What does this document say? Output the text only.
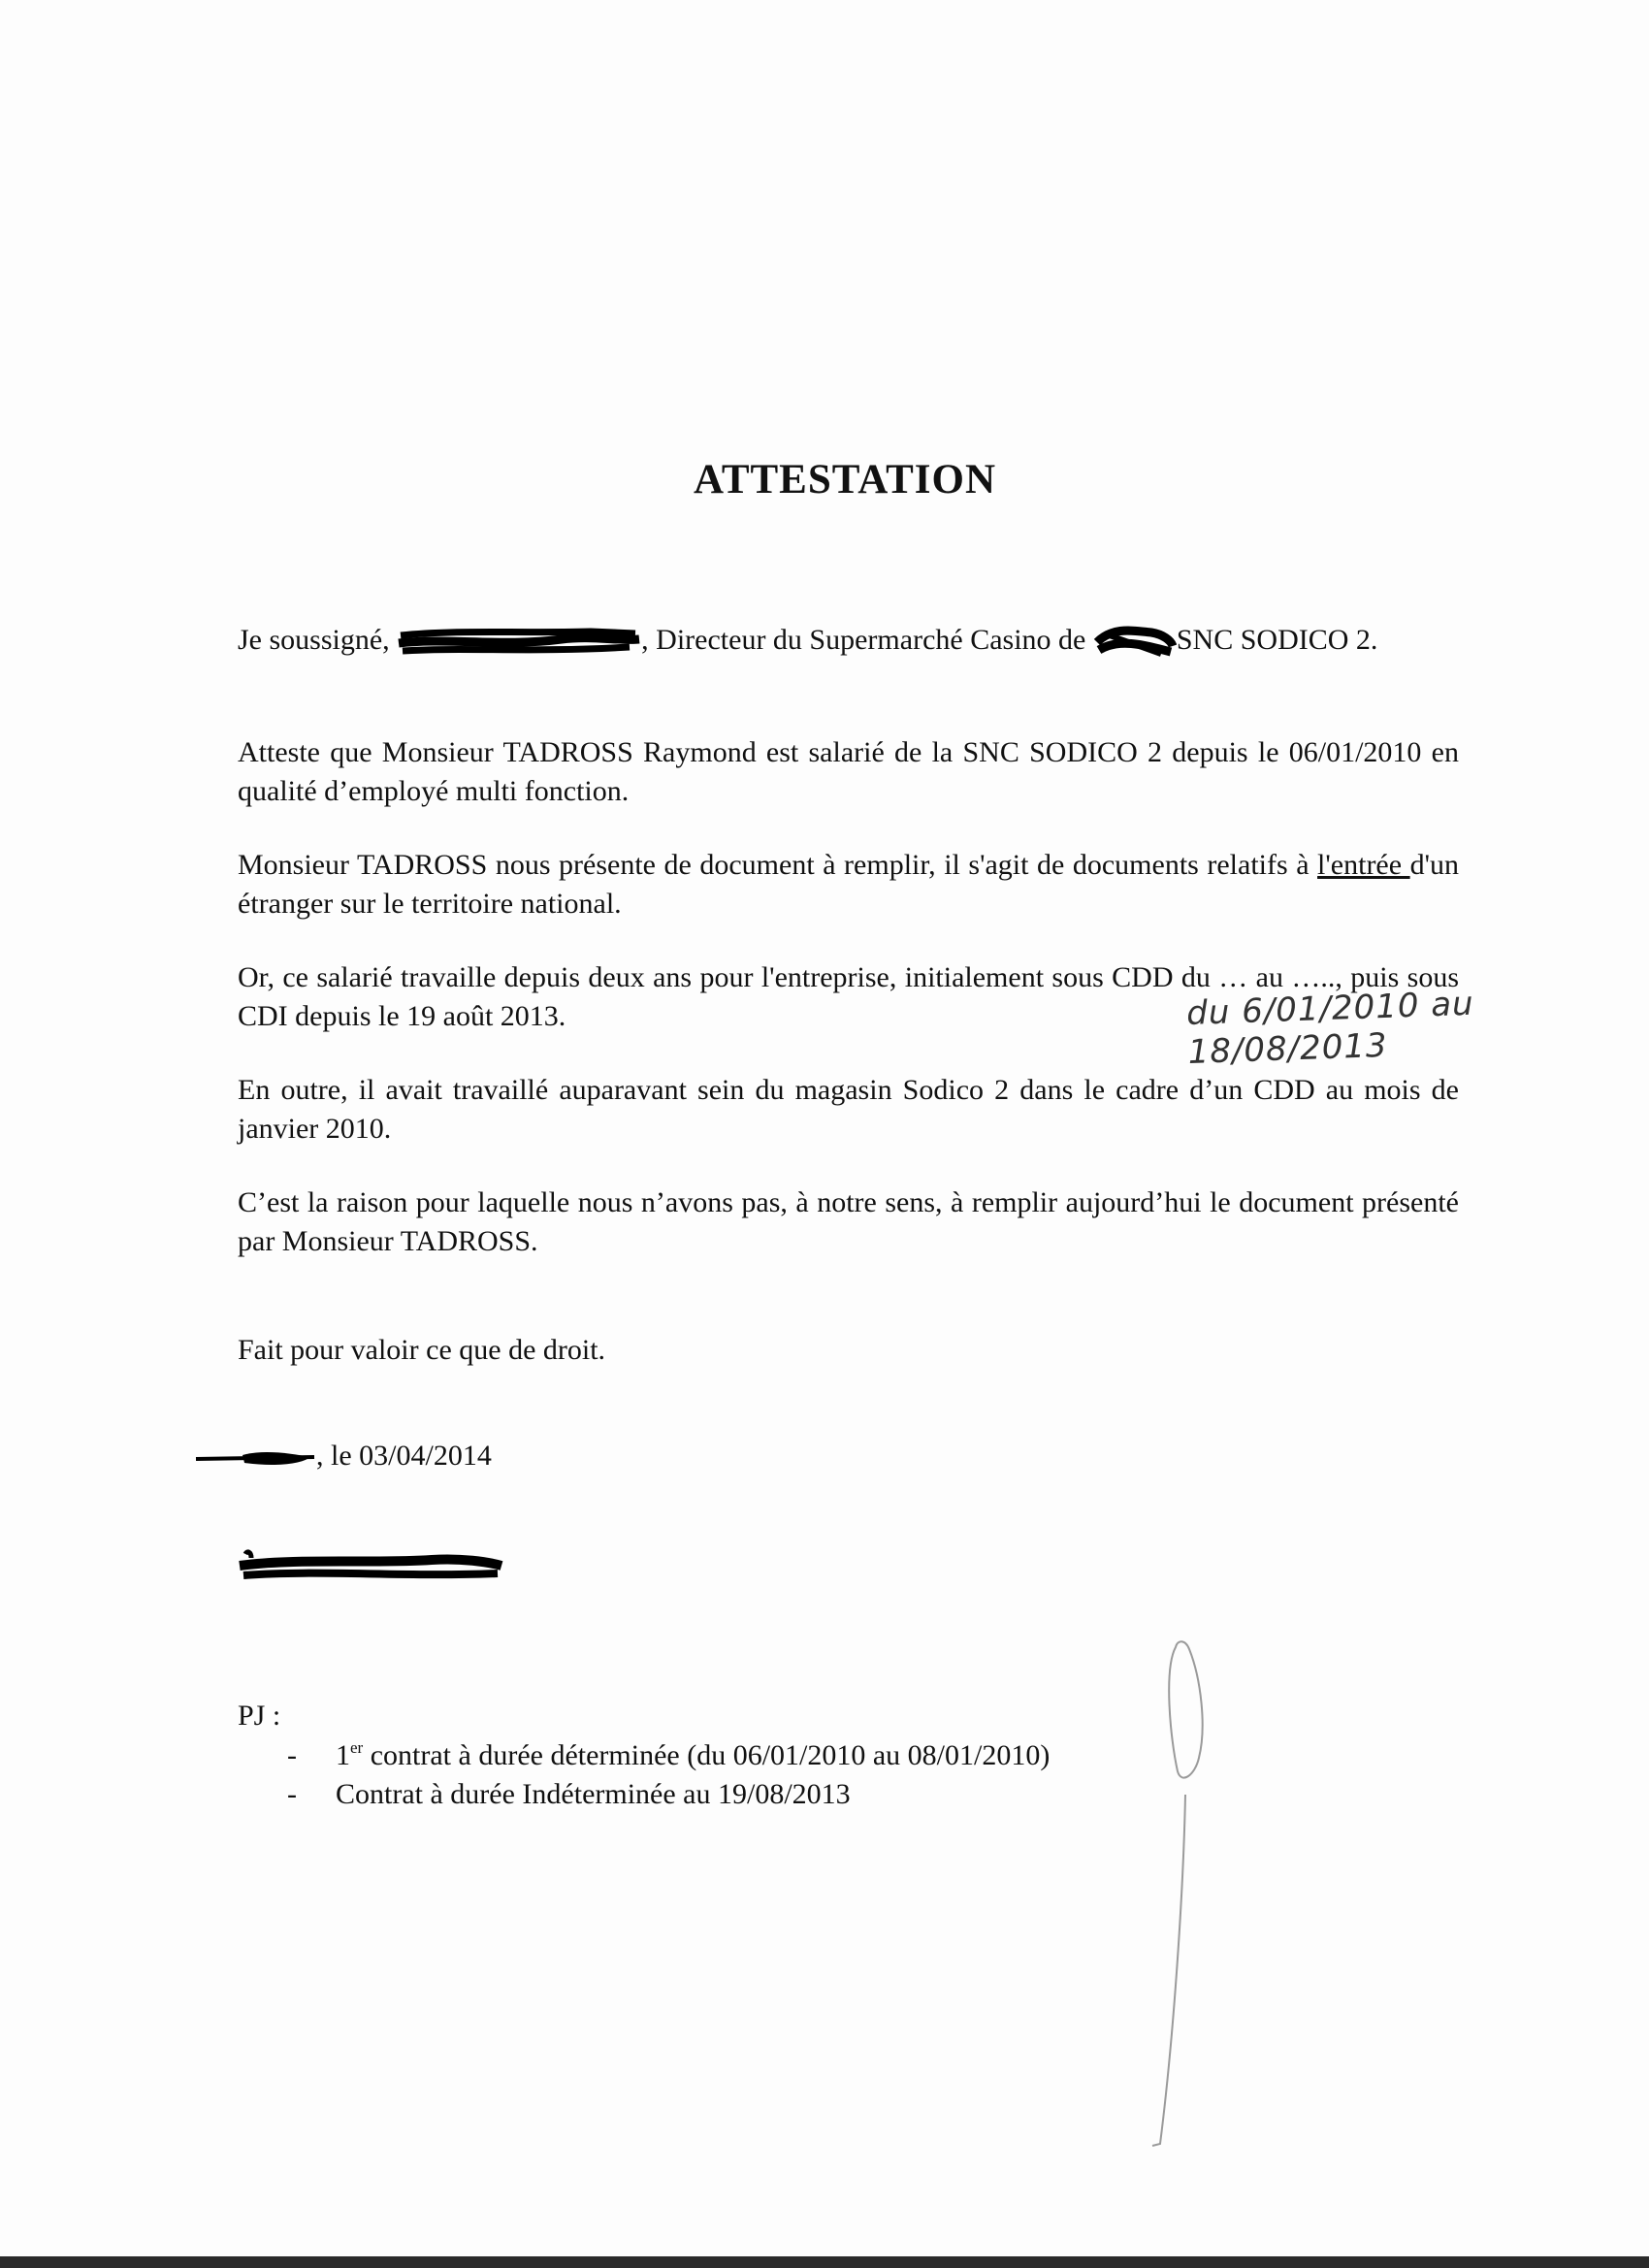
ATTESTATION

Je soussigné,	, Directeur du Supermarché Casino de	SNC SODICO 2.

Atteste que Monsieur TADROSS Raymond est salarié de la SNC SODICO 2 depuis le 06/01/2010 en qualité d’employé multi fonction.

Monsieur TADROSS nous présente de document à remplir, il s'agit de documents relatifs à l'entrée d'un étranger sur le territoire national.

Or, ce salarié travaille depuis deux ans pour l'entreprise, initialement sous CDD du … au ….., puis sous CDI depuis le 19 août 2013.	du 6/01/2010 au 18/08/2013

En outre, il avait travaillé auparavant sein du magasin Sodico 2 dans le cadre d’un CDD au mois de janvier 2010.

C’est la raison pour laquelle nous n’avons pas, à notre sens, à remplir aujourd’hui le document présenté par Monsieur TADROSS.

Fait pour valoir ce que de droit.

, le 03/04/2014
PJ :
- 1er contrat à durée déterminée (du 06/01/2010 au 08/01/2010)
- Contrat à durée Indéterminée au 19/08/2013
